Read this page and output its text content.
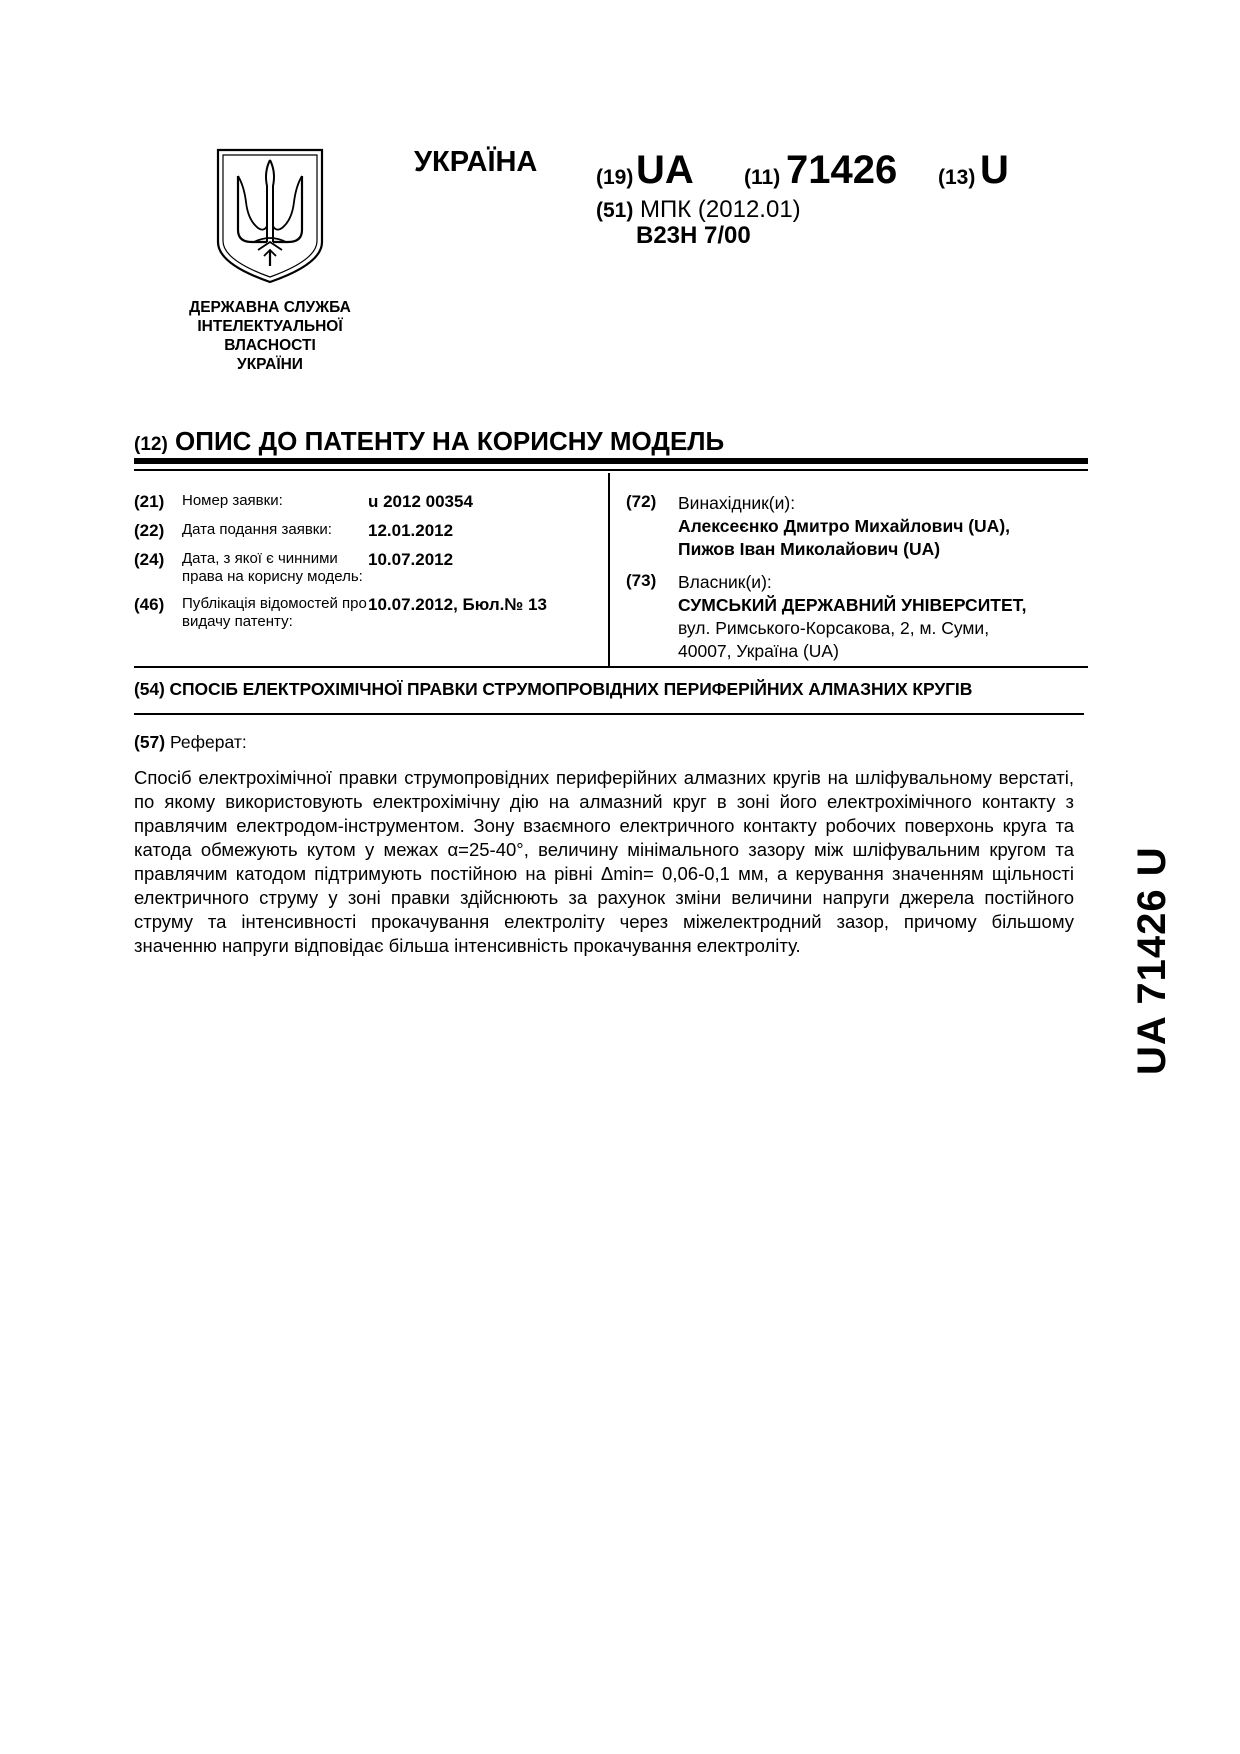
ДЕРЖАВНА СЛУЖБА
ІНТЕЛЕКТУАЛЬНОЇ
ВЛАСНОСТІ
УКРАЇНИ
УКРАЇНА	(19) UA (11) 71426 (13) U
(51) МПК (2012.01)
B23H 7/00
(12) ОПИС ДО ПАТЕНТУ НА КОРИСНУ МОДЕЛЬ
(21)	Номер заявки:	u 2012 00354
(22)	Дата подання заявки:	12.01.2012
(24)	Дата, з якої є чинними права на корисну модель:
10.07.2012
(46)	Публікація відомостей про видачу патенту:
10.07.2012, Бюл.№ 13
(72)	Винахідник(и):
Алексеєнко Дмитро Михайлович (UA),
Пижов Іван Миколайович (UA)
(73)	Власник(и):
СУМСЬКИЙ ДЕРЖАВНИЙ УНІВЕРСИТЕТ,
вул. Римського-Корсакова, 2, м. Суми,
40007, Україна (UA)
(54) СПОСІБ ЕЛЕКТРОХІМІЧНОЇ ПРАВКИ СТРУМОПРОВІДНИХ ПЕРИФЕРІЙНИХ АЛМАЗНИХ КРУГІВ
(57) Реферат:
Спосіб електрохімічної правки струмопровідних периферійних алмазних кругів на шліфувальному верстаті, по якому використовують електрохімічну дію на алмазний круг в зоні його електрохімічного контакту з правлячим електродом-інструментом. Зону взаємного електричного контакту робочих поверхонь круга та катода обмежують кутом у межах α=25-40°, величину мінімального зазору між шліфувальним кругом та правлячим катодом підтримують постійною на рівні Δmin= 0,06-0,1 мм, а керування значенням щільності електричного струму у зоні правки здійснюють за рахунок зміни величини напруги джерела постійного струму та інтенсивності прокачування електроліту через міжелектродний зазор, причому більшому значенню напруги відповідає більша інтенсивність прокачування електроліту.	UA 71426 U
